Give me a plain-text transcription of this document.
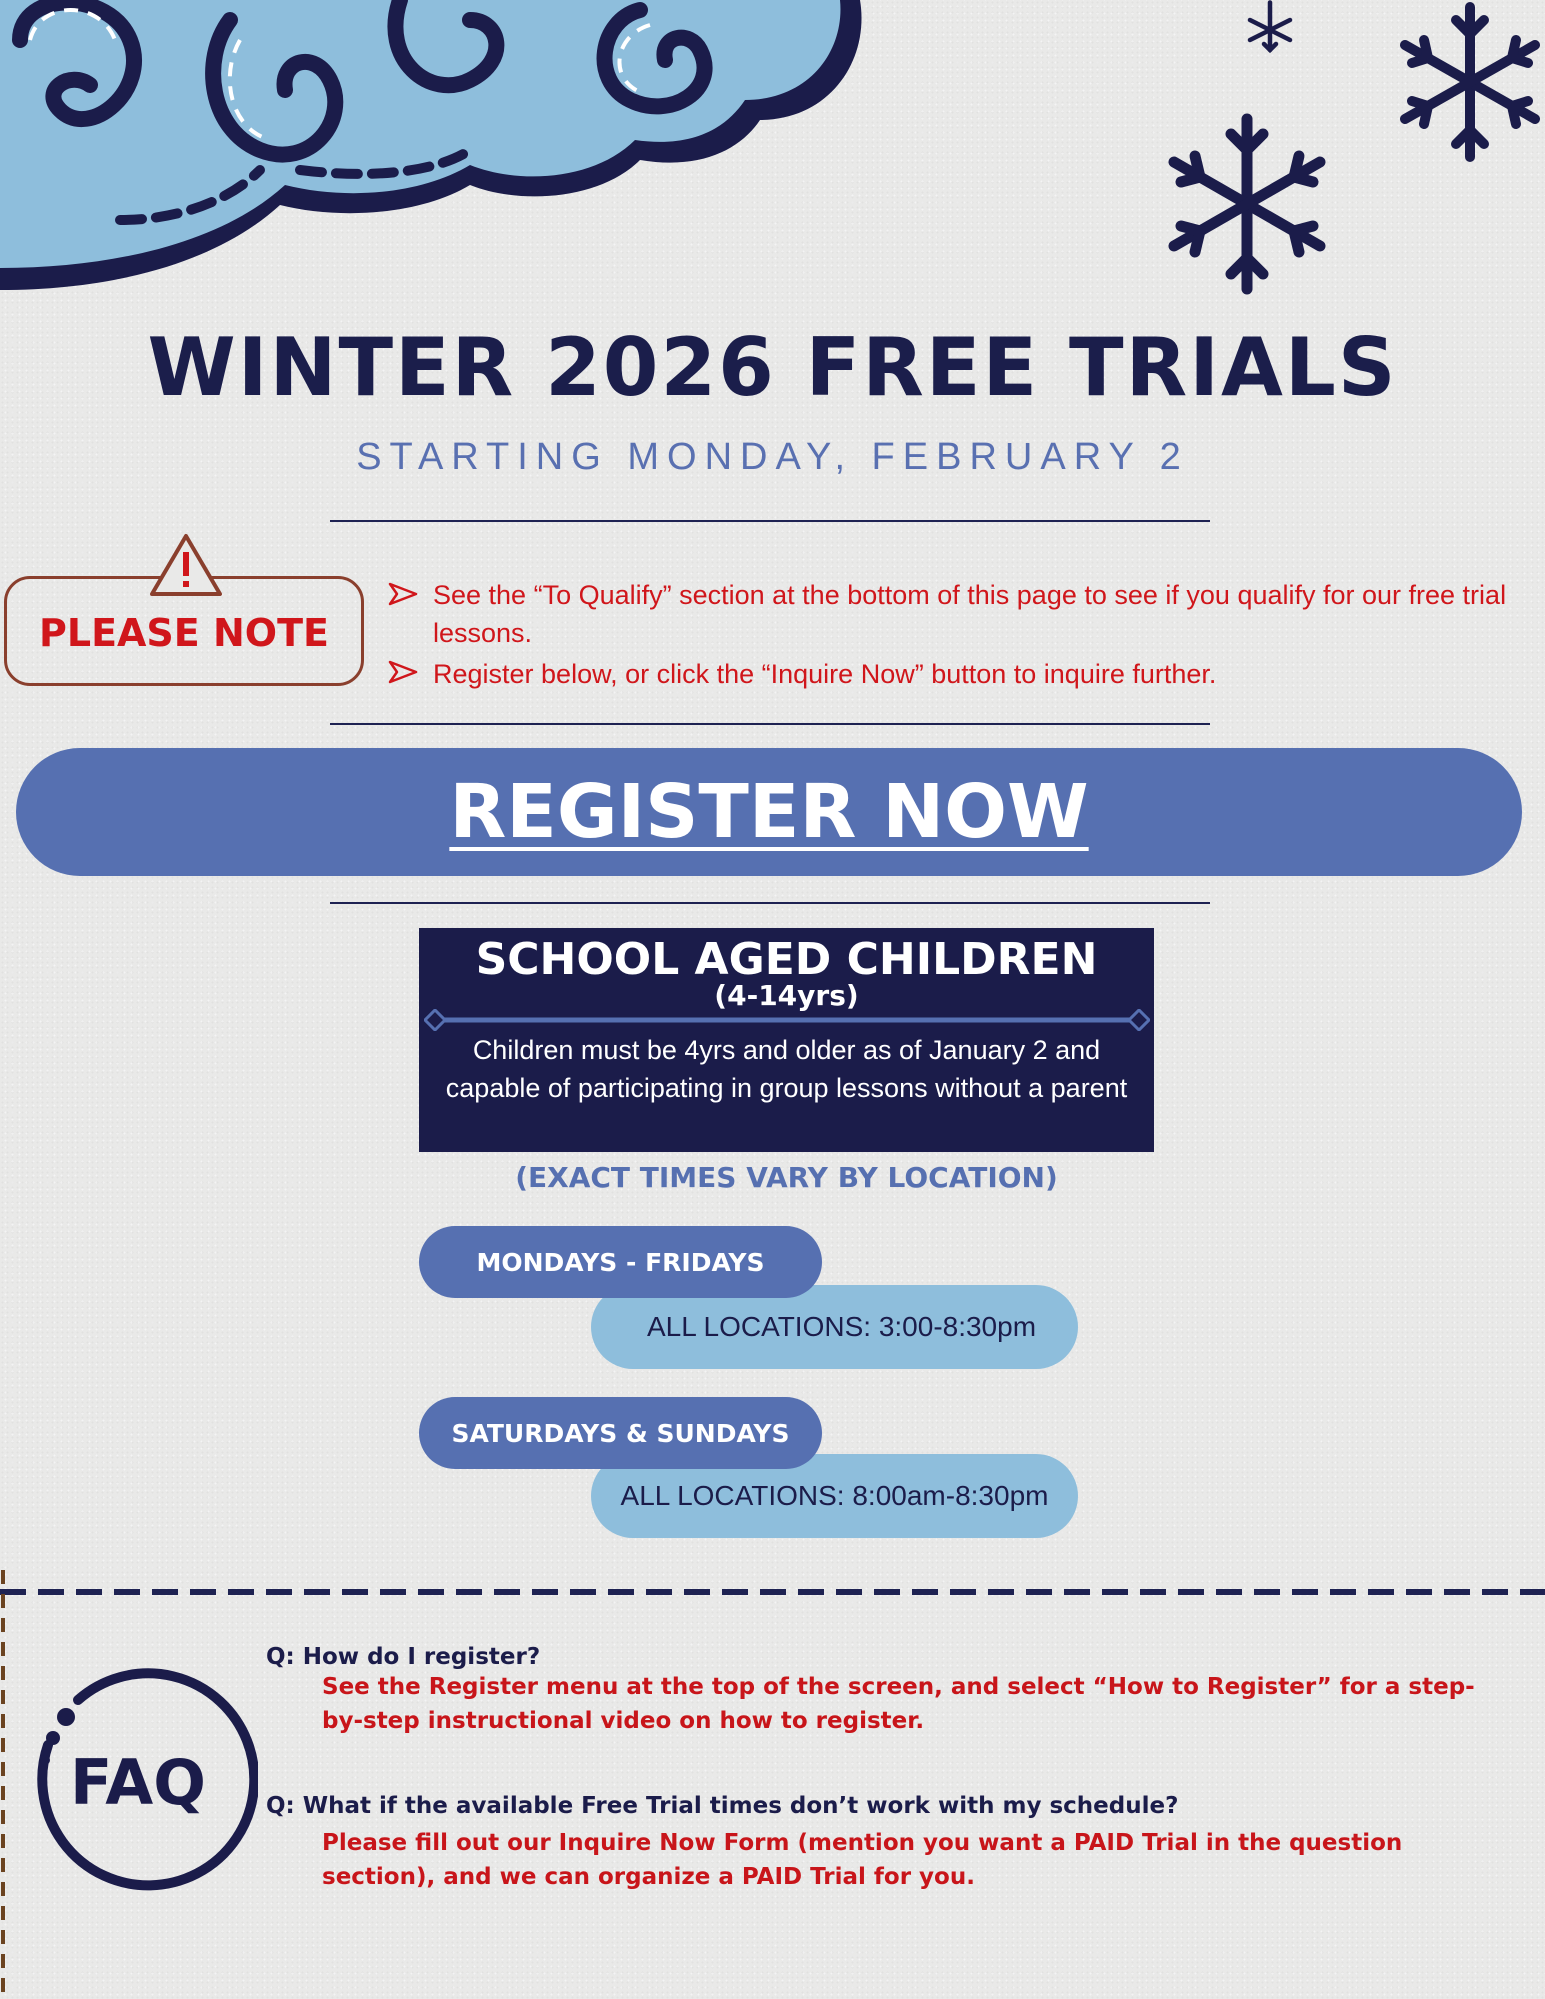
WINTER 2026 FREE TRIALS
STARTING MONDAY, FEBRUARY 2
PLEASE NOTE
See the “To Qualify” section at the bottom of this page to see if you qualify for our free trial lessons.
Register below, or click the “Inquire Now” button to inquire further.
REGISTER NOW
SCHOOL AGED CHILDREN
(4-14yrs)
Children must be 4yrs and older as of January 2 and capable of participating in group lessons without a parent
(EXACT TIMES VARY BY LOCATION)
ALL LOCATIONS: 3:00-8:30pm
MONDAYS - FRIDAYS
ALL LOCATIONS: 8:00am-8:30pm
SATURDAYS & SUNDAYS
FAQ
Q: How do I register?
See the Register menu at the top of the screen, and select “How to Register” for a step-by-step instructional video on how to register.
Q: What if the available Free Trial times don’t work with my schedule?
Please fill out our Inquire Now Form (mention you want a PAID Trial in the question section), and we can organize a PAID Trial for you.
